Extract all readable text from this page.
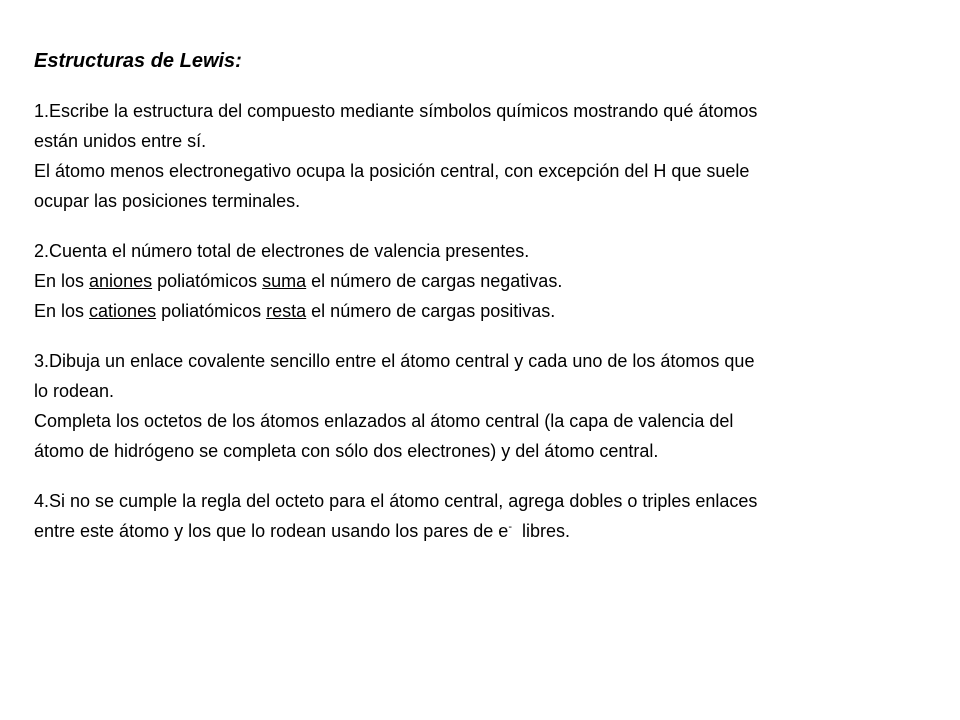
Estructuras de Lewis:
1.Escribe la estructura del compuesto mediante símbolos químicos mostrando qué átomos
están unidos entre sí.
El átomo menos electronegativo ocupa la posición central, con excepción del H que suele
ocupar las posiciones terminales.
2.Cuenta el número total de electrones de valencia presentes.
En los aniones poliatómicos suma el número de cargas negativas.
En los cationes poliatómicos resta el número de cargas positivas.
3.Dibuja un enlace covalente sencillo entre el átomo central y cada uno de los átomos que
lo rodean.
Completa los octetos de los átomos enlazados al átomo central (la capa de valencia del
átomo de hidrógeno se completa con sólo dos electrones) y del átomo central.
4.Si no se cumple la regla del octeto para el átomo central, agrega dobles o triples enlaces
entre este átomo y los que lo rodean usando los pares de e-  libres.
